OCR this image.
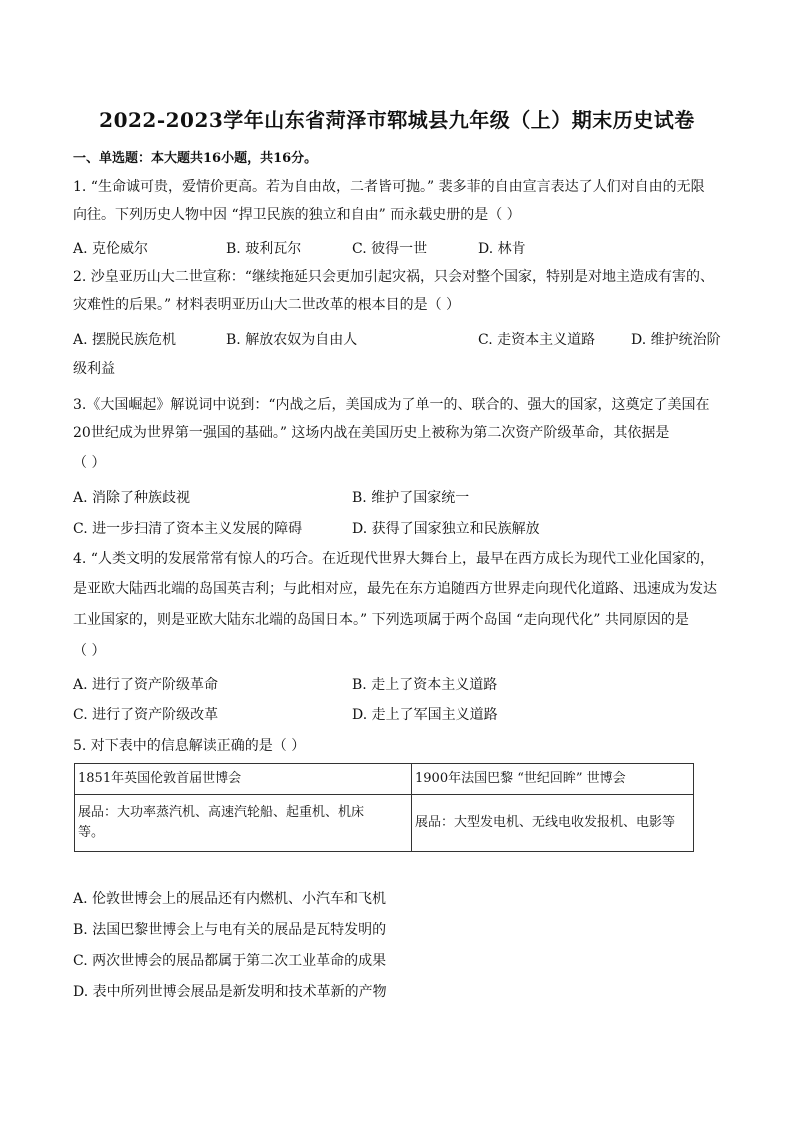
2022-2023学年山东省菏泽市郓城县九年级（上）期末历史试卷
一、单选题：本大题共16小题，共16分。
1. “生命诚可贵，爱情价更高。若为自由故，二者皆可抛。” 裴多菲的自由宣言表达了人们对自由的无限
向往。下列历史人物中因 “捍卫民族的独立和自由” 而永载史册的是（ ）
A. 克伦威尔	B. 玻利瓦尔	C. 彼得一世	D. 林肯
2. 沙皇亚历山大二世宣称：“继续拖延只会更加引起灾祸，只会对整个国家，特别是对地主造成有害的、
灾难性的后果。” 材料表明亚历山大二世改革的根本目的是（ ）
A. 摆脱民族危机	B. 解放农奴为自由人	C. 走资本主义道路	D. 维护统治阶
级利益
3.《大国崛起》解说词中说到：“内战之后，美国成为了单一的、联合的、强大的国家，这奠定了美国在
20世纪成为世界第一强国的基础。” 这场内战在美国历史上被称为第二次资产阶级革命，其依据是
（ ）
A. 消除了种族歧视	B. 维护了国家统一
C. 进一步扫清了资本主义发展的障碍	D. 获得了国家独立和民族解放
4. “人类文明的发展常常有惊人的巧合。在近现代世界大舞台上，最早在西方成长为现代工业化国家的，
是亚欧大陆西北端的岛国英吉利；与此相对应，最先在东方追随西方世界走向现代化道路、迅速成为发达
工业国家的，则是亚欧大陆东北端的岛国日本。” 下列选项属于两个岛国 “走向现代化” 共同原因的是
（ ）
A. 进行了资产阶级革命	B. 走上了资本主义道路
C. 进行了资产阶级改革	D. 走上了军国主义道路
5. 对下表中的信息解读正确的是（ ）
1851年英国伦敦首届世博会	1900年法国巴黎 “世纪回眸” 世博会

展品：大功率蒸汽机、高速汽轮船、起重机、机床
等。	展品：大型发电机、无线电收发报机、电影等
A. 伦敦世博会上的展品还有内燃机、小汽车和飞机
B. 法国巴黎世博会上与电有关的展品是瓦特发明的
C. 两次世博会的展品都属于第二次工业革命的成果
D. 表中所列世博会展品是新发明和技术革新的产物
